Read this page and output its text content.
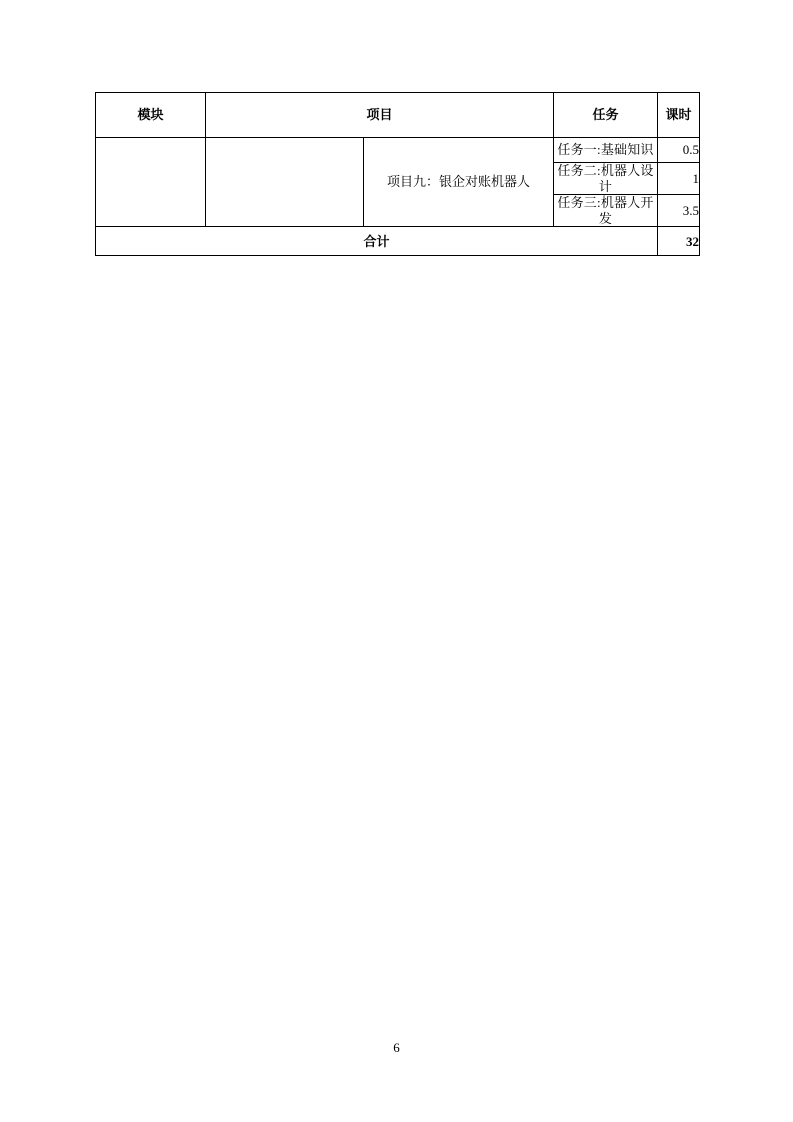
模块	项目		任务	课时
		项目九：银企对账机器人	任务一:基础知识	0.5
			任务二:机器人设计	1
			任务三:机器人开发	3.5
合计				32
6
